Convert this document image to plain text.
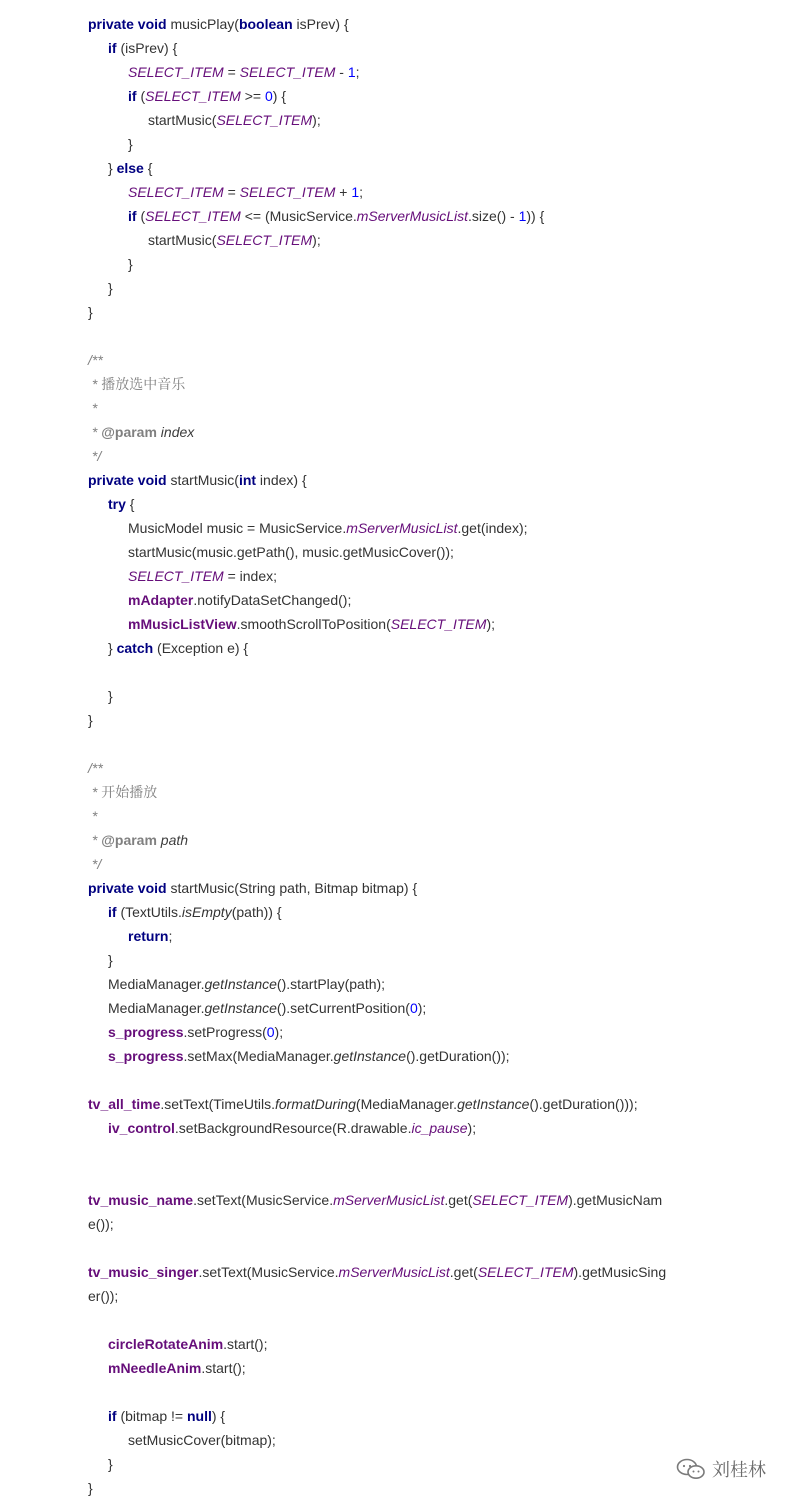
private void musicPlay( boolean isPrev) {
if (isPrev) {
SELECT_ITEM = SELECT_ITEM - 1 ;
if ( SELECT_ITEM >= 0 ) {
startMusic( SELECT_ITEM );
}
} else {
SELECT_ITEM = SELECT_ITEM + 1 ;
if ( SELECT_ITEM <= (MusicService. mServerMusicList .size() - 1 )) {
startMusic( SELECT_ITEM );
}
}
}
/**
* 播放选中音乐
*
* @param index
*/
private void startMusic( int index) {
try {
MusicModel music = MusicService. mServerMusicList .get(index);
startMusic(music.getPath(), music.getMusicCover());
SELECT_ITEM = index;
mAdapter .notifyDataSetChanged();
mMusicListView .smoothScrollToPosition( SELECT_ITEM );
} catch (Exception e) {
}
}
/**
* 开始播放
*
* @param path
*/
private void startMusic(String path, Bitmap bitmap) {
if (TextUtils. isEmpty (path)) {
return ;
}
MediaManager. getInstance ().startPlay(path);
MediaManager. getInstance ().setCurrentPosition( 0 );
s_progress .setProgress( 0 );
s_progress .setMax(MediaManager. getInstance ().getDuration());
tv_all_time .setText(TimeUtils. formatDuring (MediaManager. getInstance ().getDuration()));
iv_control .setBackgroundResource(R.drawable. ic_pause );
tv_music_name .setText(MusicService. mServerMusicList .get( SELECT_ITEM ).getMusicNam
e());
tv_music_singer .setText(MusicService. mServerMusicList .get( SELECT_ITEM ).getMusicSing
er());
circleRotateAnim .start();
mNeedleAnim .start();
if (bitmap != null ) {
setMusicCover(bitmap);
}
}
刘桂林
